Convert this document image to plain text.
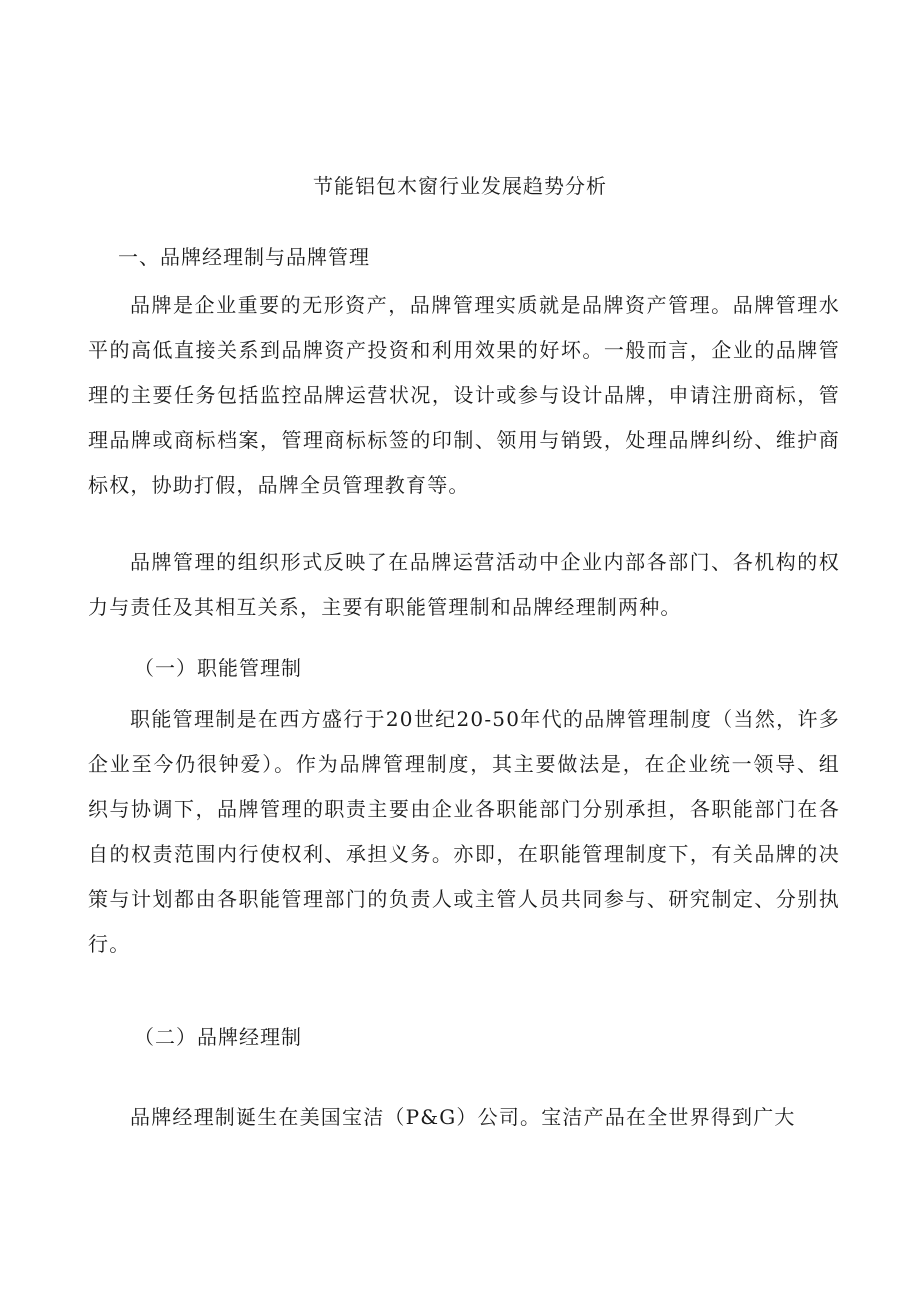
节能铝包木窗行业发展趋势分析
一、品牌经理制与品牌管理

品牌是企业重要的无形资产，品牌管理实质就是品牌资产管理。品牌管理水平的高低直接关系到品牌资产投资和利用效果的好坏。一般而言，企业的品牌管理的主要任务包括监控品牌运营状况，设计或参与设计品牌，申请注册商标，管理品牌或商标档案，管理商标标签的印制、领用与销毁，处理品牌纠纷、维护商标权，协助打假，品牌全员管理教育等。

品牌管理的组织形式反映了在品牌运营活动中企业内部各部门、各机构的权力与责任及其相互关系，主要有职能管理制和品牌经理制两种。

（一）职能管理制

职能管理制是在西方盛行于20世纪20-50年代的品牌管理制度（当然，许多企业至今仍很钟爱）。作为品牌管理制度，其主要做法是，在企业统一领导、组织与协调下，品牌管理的职责主要由企业各职能部门分别承担，各职能部门在各自的权责范围内行使权利、承担义务。亦即，在职能管理制度下，有关品牌的决策与计划都由各职能管理部门的负责人或主管人员共同参与、研究制定、分别执行。

（二）品牌经理制

品牌经理制诞生在美国宝洁（P&G）公司。宝洁产品在全世界得到广大
